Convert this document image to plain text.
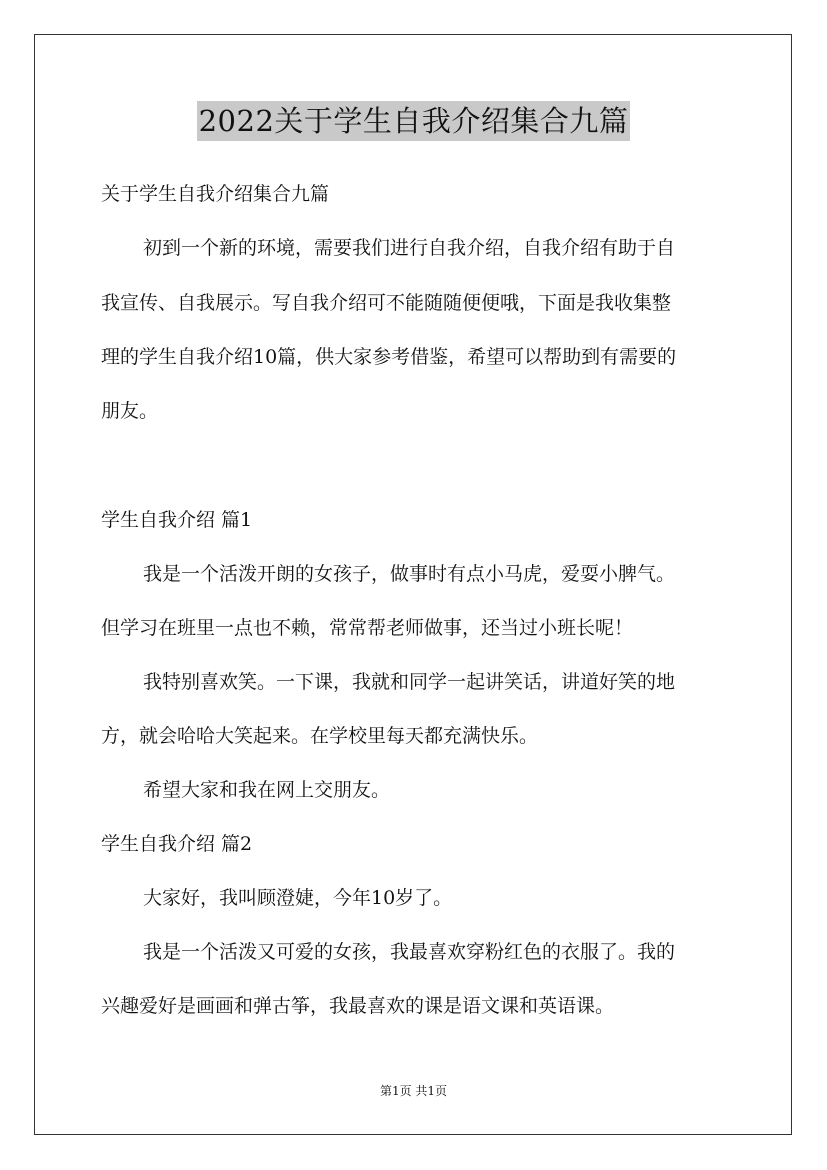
2022关于学生自我介绍集合九篇
关于学生自我介绍集合九篇
初到一个新的环境，需要我们进行自我介绍，自我介绍有助于自
我宣传、自我展示。写自我介绍可不能随随便便哦，下面是我收集整
理的学生自我介绍10篇，供大家参考借鉴，希望可以帮助到有需要的
朋友。
学生自我介绍 篇1
我是一个活泼开朗的女孩子，做事时有点小马虎，爱耍小脾气。
但学习在班里一点也不赖，常常帮老师做事，还当过小班长呢！
我特别喜欢笑。一下课，我就和同学一起讲笑话，讲道好笑的地
方，就会哈哈大笑起来。在学校里每天都充满快乐。
希望大家和我在网上交朋友。
学生自我介绍 篇2
大家好，我叫顾澄婕，今年10岁了。
我是一个活泼又可爱的女孩，我最喜欢穿粉红色的衣服了。我的
兴趣爱好是画画和弹古筝，我最喜欢的课是语文课和英语课。
第1页 共1页
